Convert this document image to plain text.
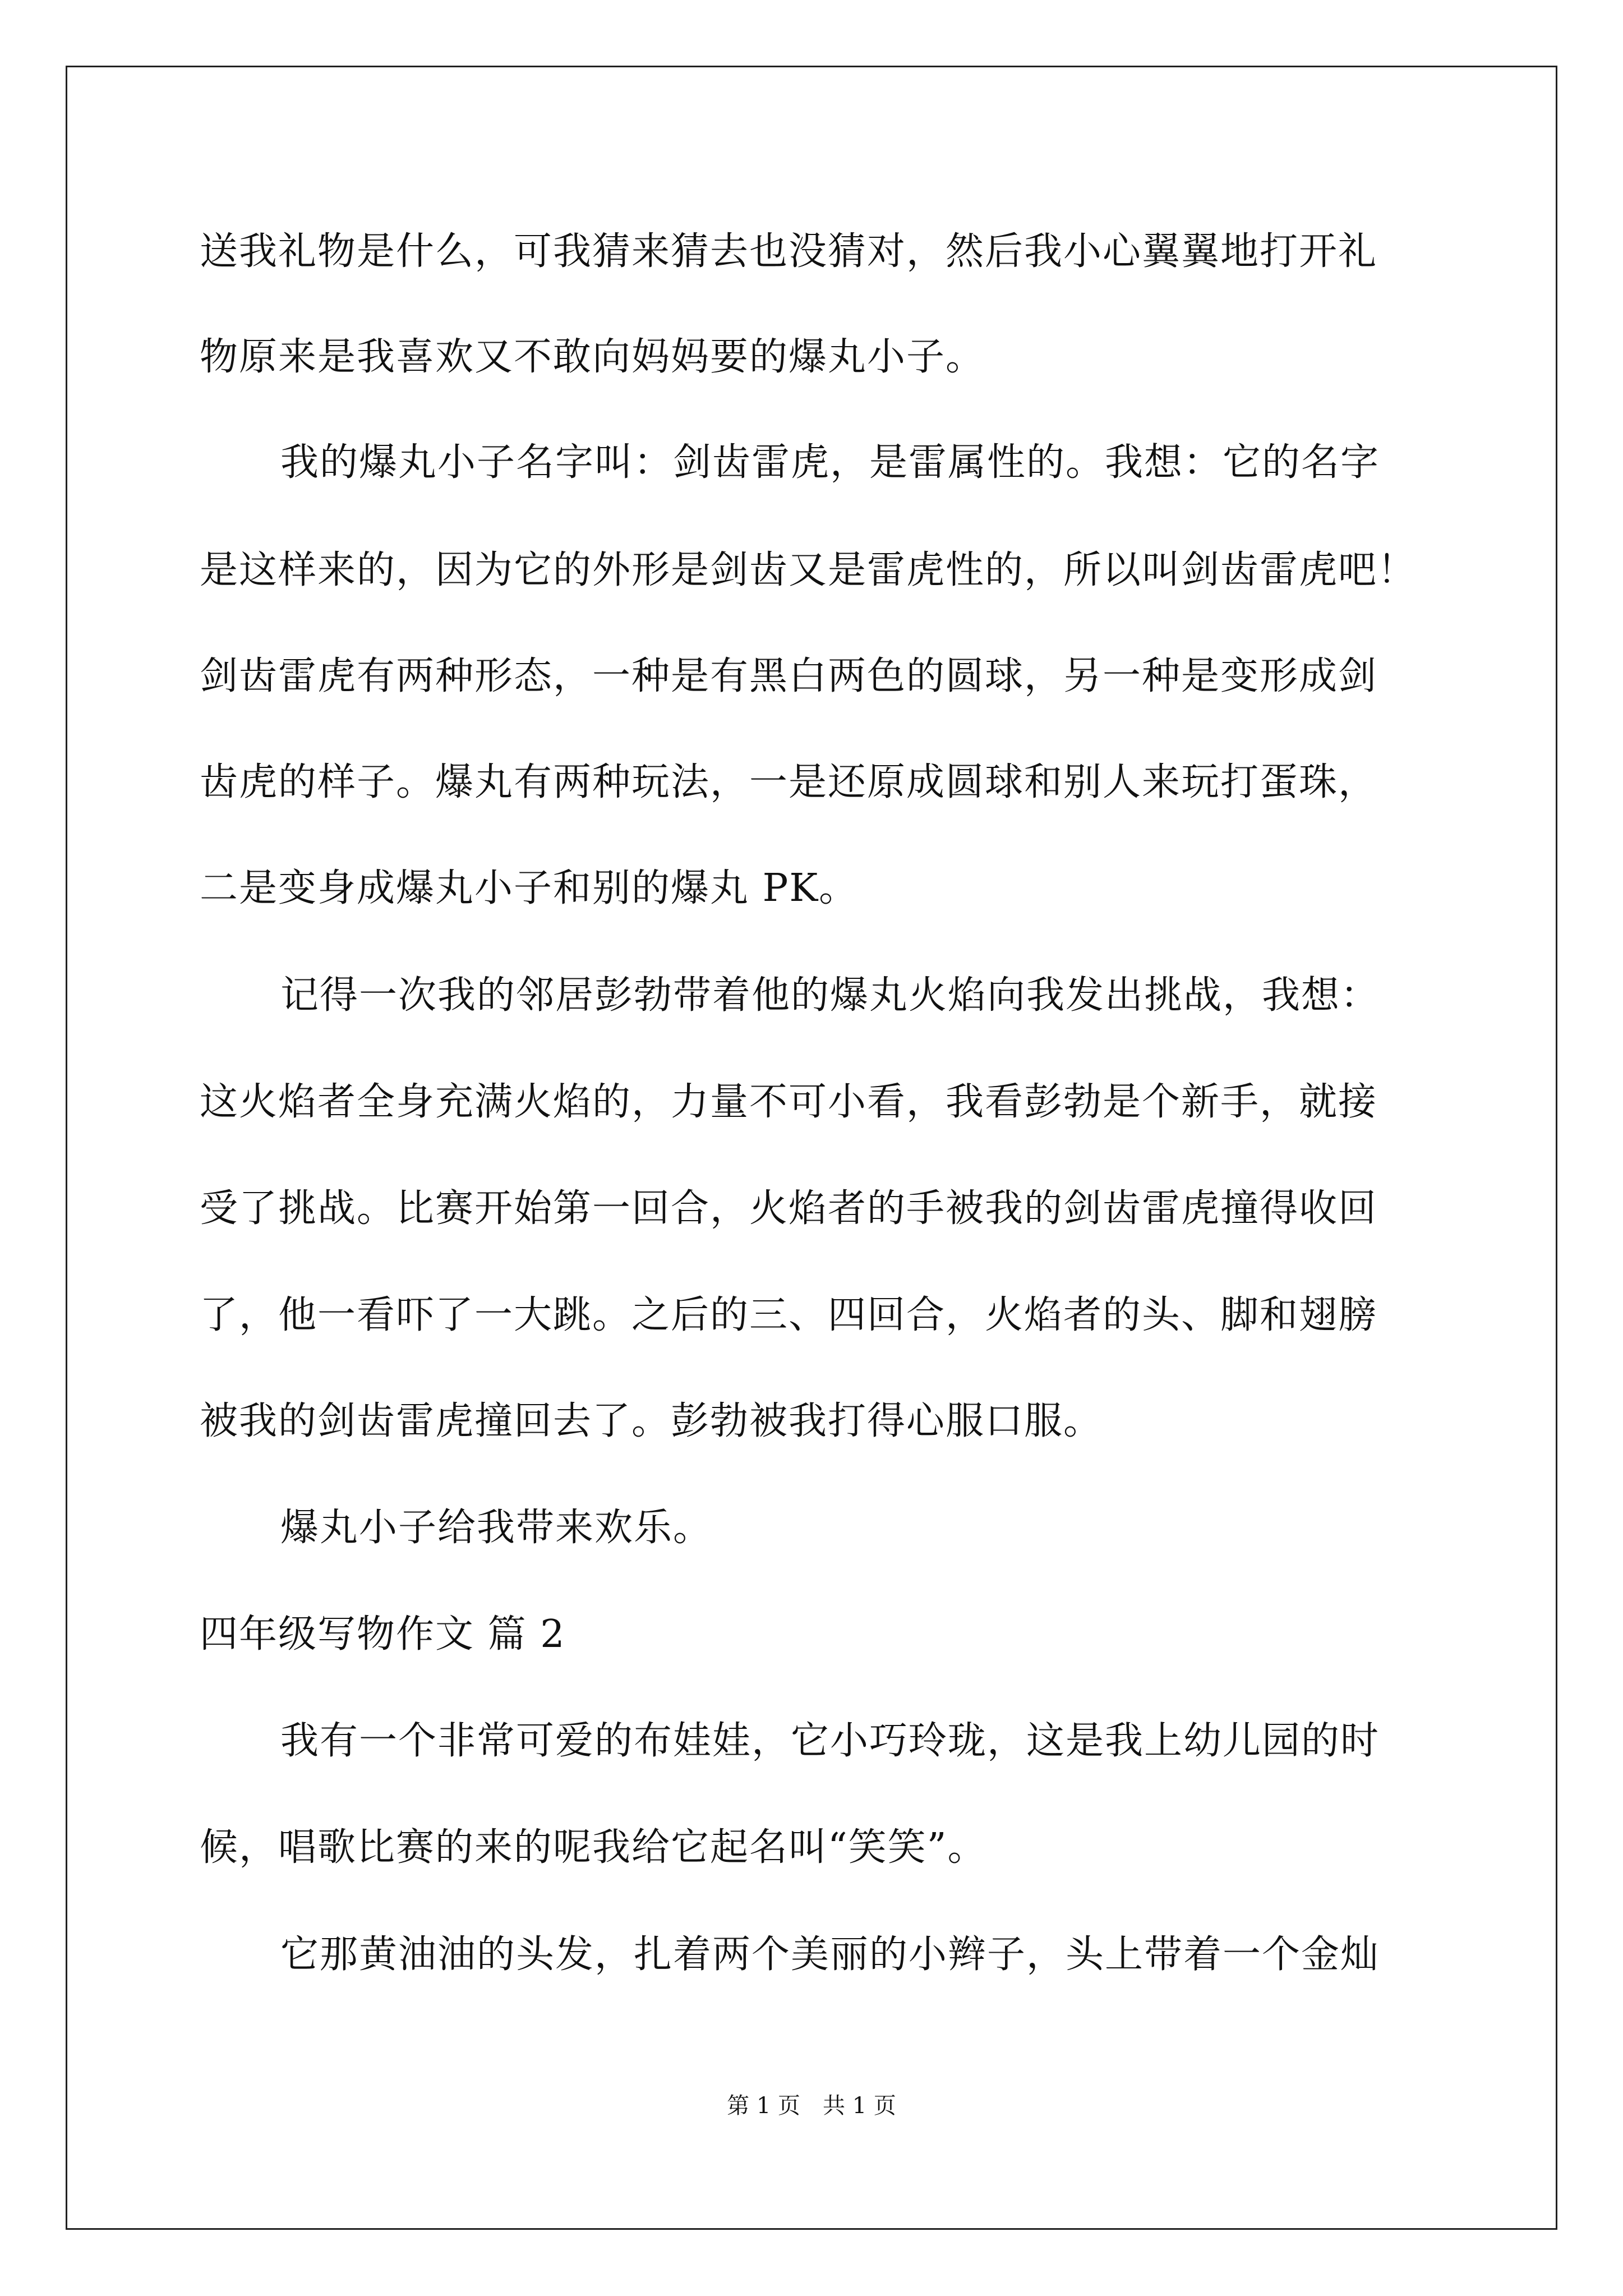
送我礼物是什么，可我猜来猜去也没猜对，然后我小心翼翼地打开礼

物原来是我喜欢又不敢向妈妈要的爆丸小子。

我的爆丸小子名字叫：剑齿雷虎，是雷属性的。我想：它的名字

是这样来的，因为它的外形是剑齿又是雷虎性的，所以叫剑齿雷虎吧！

剑齿雷虎有两种形态，一种是有黑白两色的圆球，另一种是变形成剑

齿虎的样子。爆丸有两种玩法，一是还原成圆球和别人来玩打蛋珠，

二是变身成爆丸小子和别的爆丸 PK。

记得一次我的邻居彭勃带着他的爆丸火焰向我发出挑战，我想：

这火焰者全身充满火焰的，力量不可小看，我看彭勃是个新手，就接

受了挑战。比赛开始第一回合，火焰者的手被我的剑齿雷虎撞得收回

了，他一看吓了一大跳。之后的三、四回合，火焰者的头、脚和翅膀

被我的剑齿雷虎撞回去了。彭勃被我打得心服口服。

爆丸小子给我带来欢乐。

四年级写物作文 篇 2

我有一个非常可爱的布娃娃，它小巧玲珑，这是我上幼儿园的时

候，唱歌比赛的来的呢我给它起名叫“笑笑”。

它那黄油油的头发，扎着两个美丽的小辫子，头上带着一个金灿

第 1 页　共 1 页
